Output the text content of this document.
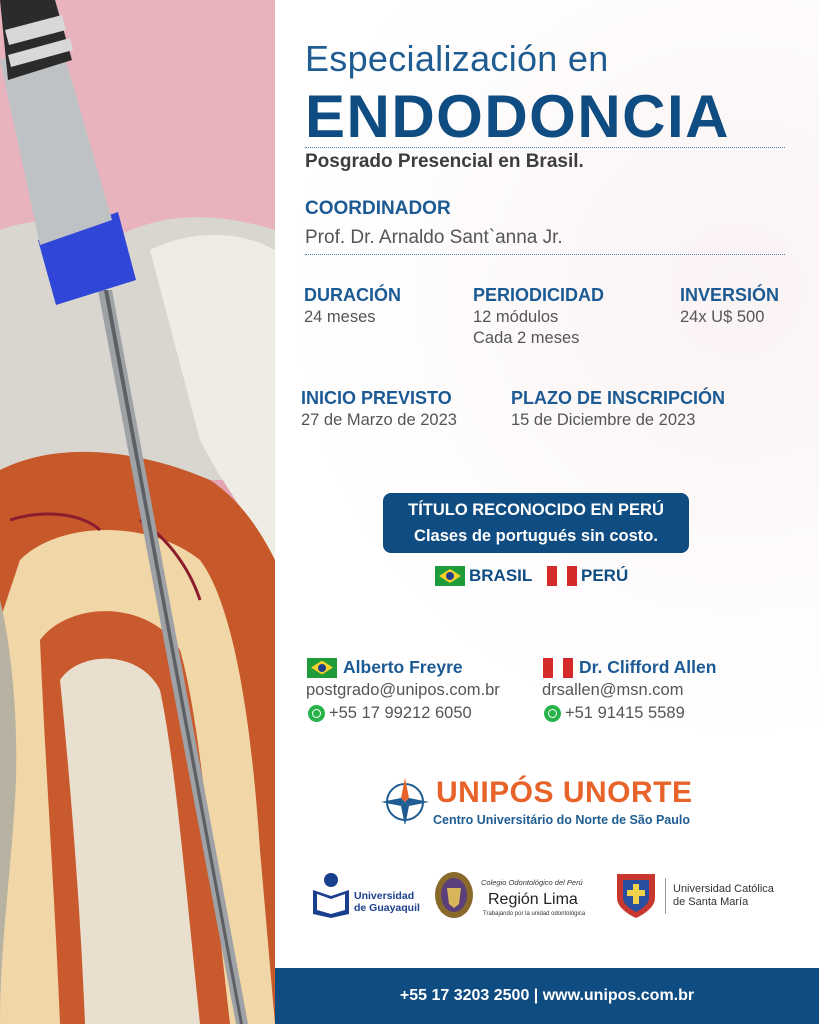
Especialización en
ENDODONCIA
Posgrado Presencial en Brasil.
COORDINADOR
Prof. Dr. Arnaldo Sant`anna Jr.
DURACIÓN
24 meses
PERIODICIDAD
12 módulos
Cada 2 meses
INVERSIÓN
24x U$ 500
INICIO PREVISTO
27 de Marzo de 2023
PLAZO DE INSCRIPCIÓN
15 de Diciembre de 2023
TÍTULO RECONOCIDO EN PERÚ
Clases de portugués sin costo.
BRASIL	PERÚ
Alberto Freyre
postgrado@unipos.com.br
+55 17 99212 6050
Dr. Clifford Allen
drsallen@msn.com
+51 91415 5589
UNIPÓS UNORTE
Centro Universitário do Norte de São Paulo
Universidad de Guayaquil
Colegio Odontológico del Perú
Región Lima
Trabajando por la unidad odontológica
Universidad Católica de Santa María
+55 17 3203 2500 | www.unipos.com.br
